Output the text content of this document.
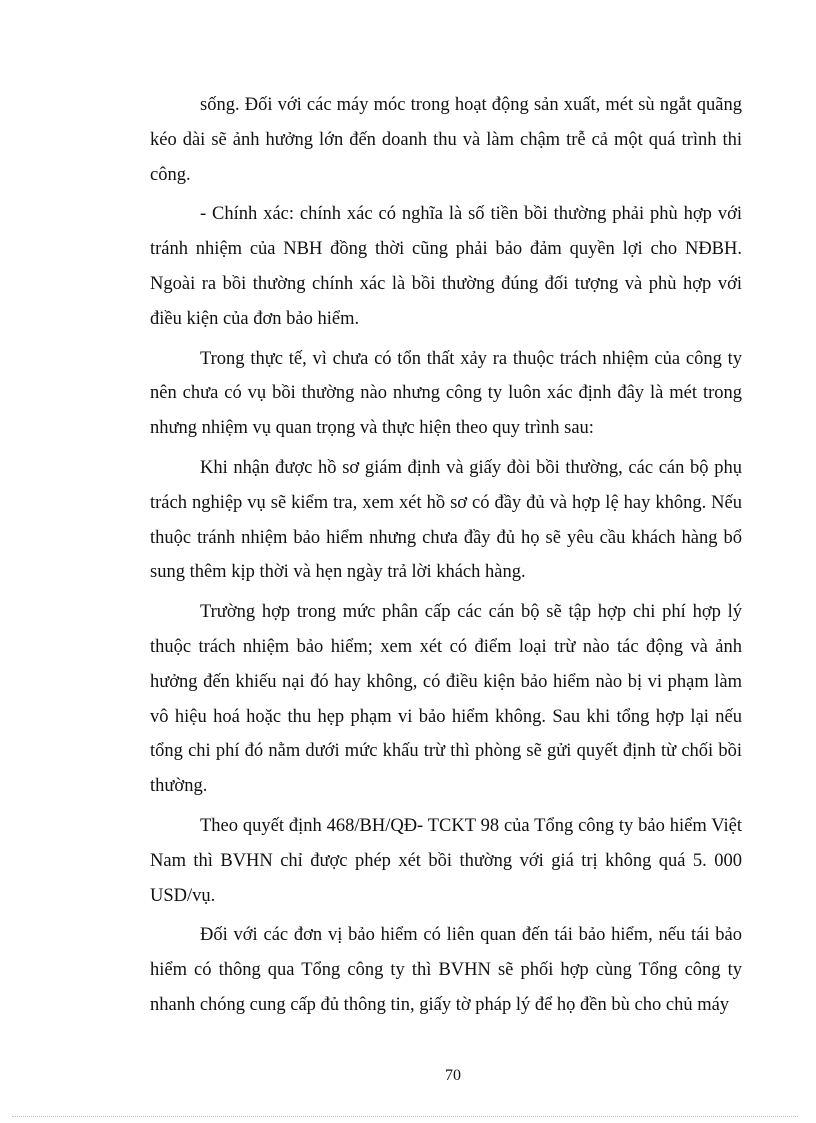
sống. Đối với các máy móc trong hoạt động sản xuất, mét sù ngắt quãng kéo dài sẽ ảnh hưởng lớn đến doanh thu và làm chậm trễ cả một quá trình thi công.

- Chính xác: chính xác có nghĩa là số tiền bồi thường phải phù hợp với tránh nhiệm của NBH đồng thời cũng phải bảo đảm quyền lợi cho NĐBH. Ngoài ra bồi thường chính xác là bồi thường đúng đối tượng và phù hợp với điều kiện của đơn bảo hiểm.

Trong thực tế, vì chưa có tổn thất xảy ra thuộc trách nhiệm của công ty nên chưa có vụ bồi thường nào nhưng công ty luôn xác định đây là mét trong nhưng nhiệm vụ quan trọng và thực hiện theo quy trình sau:

Khi nhận được hồ sơ giám định và giấy đòi bồi thường, các cán bộ phụ trách nghiệp vụ sẽ kiểm tra, xem xét hồ sơ có đầy đủ và hợp lệ hay không. Nếu thuộc tránh nhiệm bảo hiểm nhưng chưa đầy đủ họ sẽ yêu cầu khách hàng bổ sung thêm kịp thời và hẹn ngày trả lời khách hàng.

Trường hợp trong mức phân cấp các cán bộ sẽ tập hợp chi phí hợp lý thuộc trách nhiệm bảo hiểm; xem xét có điểm loại trừ nào tác động và ảnh hưởng đến khiếu nại đó hay không, có điều kiện bảo hiểm nào bị vi phạm làm vô hiệu hoá hoặc thu hẹp phạm vi bảo hiểm không. Sau khi tổng hợp lại nếu tổng chi phí đó nằm dưới mức khấu trừ thì phòng sẽ gửi quyết định từ chối bồi thường.

Theo quyết định 468/BH/QĐ- TCKT 98 của Tổng công ty bảo hiểm Việt Nam thì BVHN chỉ được phép xét bồi thường với giá trị không quá 5. 000 USD/vụ.

Đối với các đơn vị bảo hiểm có liên quan đến tái bảo hiểm, nếu tái bảo hiểm có thông qua Tổng công ty thì BVHN sẽ phối hợp cùng Tổng công ty nhanh chóng cung cấp đủ thông tin, giấy tờ pháp lý để họ đền bù cho chủ máy

70
